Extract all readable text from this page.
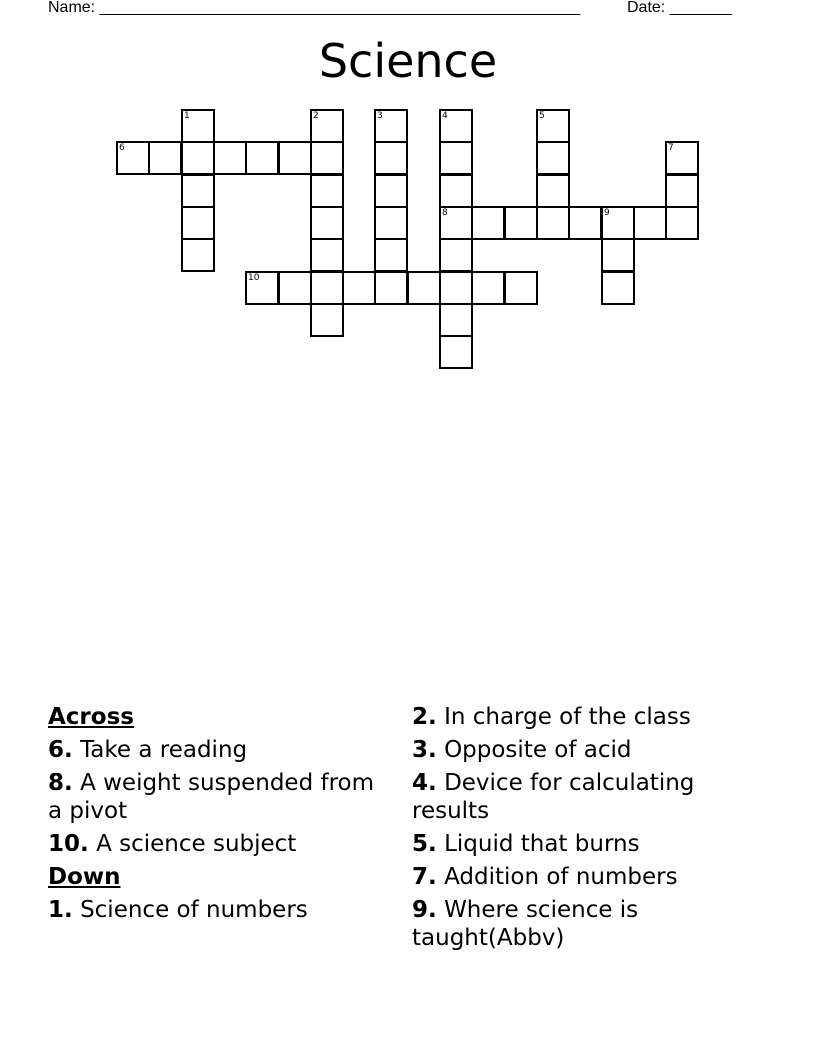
Name: ______________________________________________________	Date: _______
Science
1	2	3	4
8
5
6	7
9
10
Across
6. Take a reading
8. A weight suspended from a pivot
10. A science subject
Down
1. Science of numbers
2. In charge of the class
3. Opposite of acid
4. Device for calculating results
5. Liquid that burns
7. Addition of numbers
9. Where science is taught(Abbv)
